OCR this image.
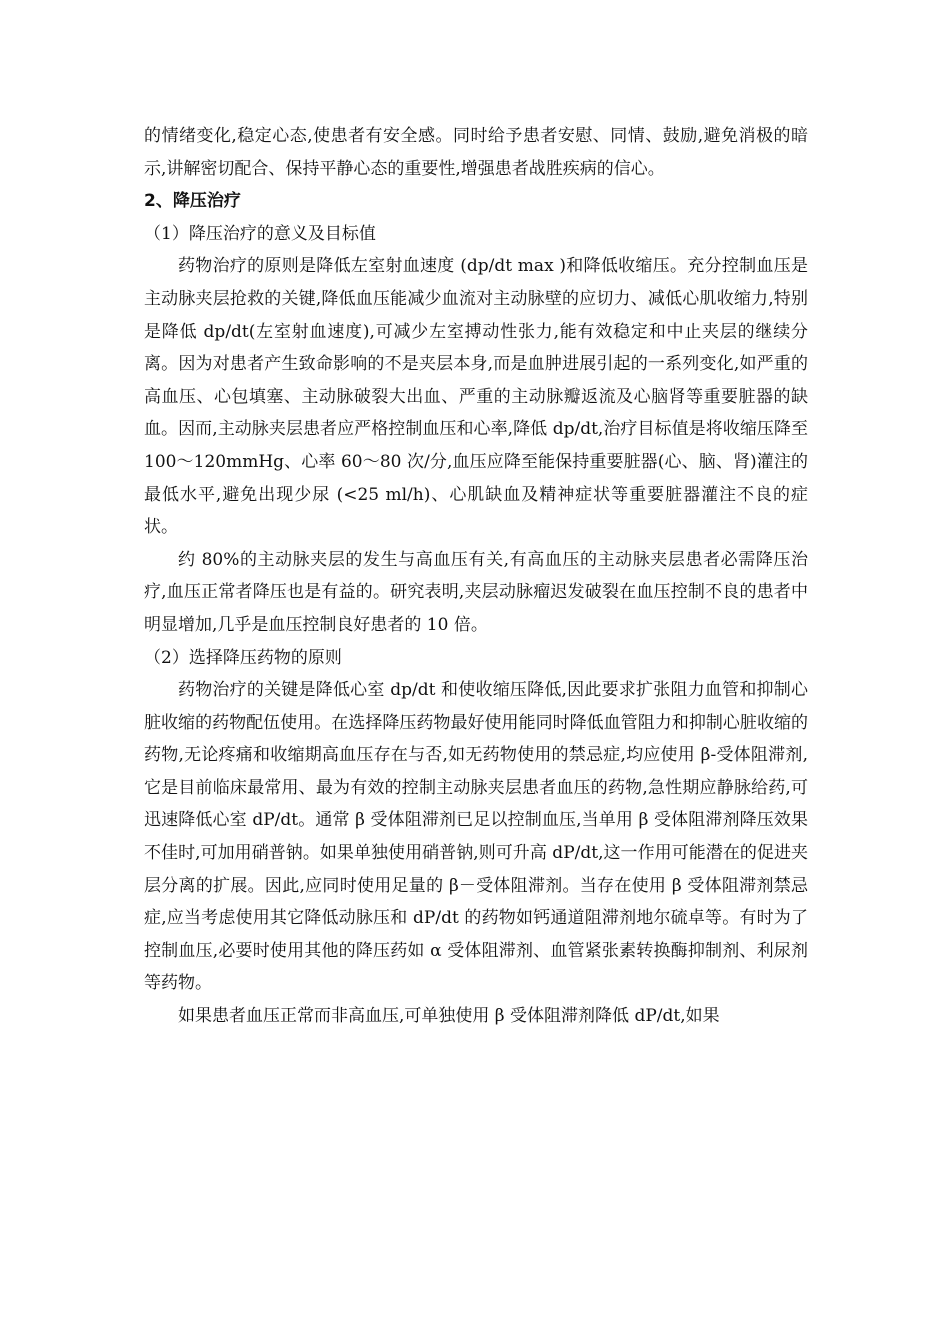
的情绪变化,稳定心态,使患者有安全感。同时给予患者安慰、同情、鼓励,避免消极的暗示,讲解密切配合、保持平静心态的重要性,增强患者战胜疾病的信心。

2、降压治疗

（1）降压治疗的意义及目标值

药物治疗的原则是降低左室射血速度 (dp/dt max )和降低收缩压。充分控制血压是主动脉夹层抢救的关键,降低血压能减少血流对主动脉壁的应切力、减低心肌收缩力,特别是降低 dp/dt(左室射血速度),可减少左室搏动性张力,能有效稳定和中止夹层的继续分离。因为对患者产生致命影响的不是夹层本身,而是血肿进展引起的一系列变化,如严重的高血压、心包填塞、主动脉破裂大出血、严重的主动脉瓣返流及心脑肾等重要脏器的缺血。因而,主动脉夹层患者应严格控制血压和心率,降低 dp/dt,治疗目标值是将收缩压降至 100～120mmHg、心率 60～80 次/分,血压应降至能保持重要脏器(心、脑、肾)灌注的最低水平,避免出现少尿 (<25 ml/h)、心肌缺血及精神症状等重要脏器灌注不良的症状。

约 80%的主动脉夹层的发生与高血压有关,有高血压的主动脉夹层患者必需降压治疗,血压正常者降压也是有益的。研究表明,夹层动脉瘤迟发破裂在血压控制不良的患者中明显增加,几乎是血压控制良好患者的 10 倍。

（2）选择降压药物的原则

药物治疗的关键是降低心室 dp/dt 和使收缩压降低,因此要求扩张阻力血管和抑制心脏收缩的药物配伍使用。在选择降压药物最好使用能同时降低血管阻力和抑制心脏收缩的药物,无论疼痛和收缩期高血压存在与否,如无药物使用的禁忌症,均应使用 β-受体阻滞剂,它是目前临床最常用、最为有效的控制主动脉夹层患者血压的药物,急性期应静脉给药,可迅速降低心室 dP/dt。通常 β 受体阻滞剂已足以控制血压,当单用 β 受体阻滞剂降压效果不佳时,可加用硝普钠。如果单独使用硝普钠,则可升高 dP/dt,这一作用可能潜在的促进夹层分离的扩展。因此,应同时使用足量的 β－受体阻滞剂。当存在使用 β 受体阻滞剂禁忌症,应当考虑使用其它降低动脉压和 dP/dt 的药物如钙通道阻滞剂地尔硫卓等。有时为了控制血压,必要时使用其他的降压药如 α 受体阻滞剂、血管紧张素转换酶抑制剂、利尿剂等药物。

如果患者血压正常而非高血压,可单独使用 β 受体阻滞剂降低 dP/dt,如果
